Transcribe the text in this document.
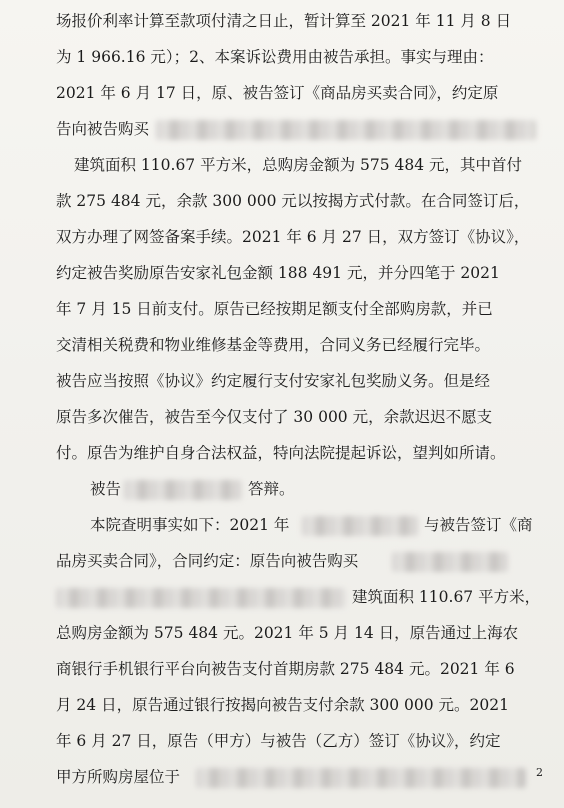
场报价利率计算至款项付清之日止，暂计算至 2021 年 11 月 8 日
为 1 966.16 元）；2、本案诉讼费用由被告承担。事实与理由：
2021 年 6 月 17 日，原、被告签订《商品房买卖合同》，约定原
告向被告购买
建筑面积 110.67 平方米，总购房金额为 575 484 元，其中首付
款 275 484 元，余款 300 000 元以按揭方式付款。在合同签订后，
双方办理了网签备案手续。2021 年 6 月 27 日，双方签订《协议》，
约定被告奖励原告安家礼包金额 188 491 元，并分四笔于 2021
年 7 月 15 日前支付。原告已经按期足额支付全部购房款，并已
交清相关税费和物业维修基金等费用，合同义务已经履行完毕。
被告应当按照《协议》约定履行支付安家礼包奖励义务。但是经
原告多次催告，被告至今仅支付了 30 000 元，余款迟迟不愿支
付。原告为维护自身合法权益，特向法院提起诉讼，望判如所请。
被告	答辩。
本院查明事实如下：2021 年	与被告签订《商
品房买卖合同》，合同约定：原告向被告购买
建筑面积 110.67 平方米，
总购房金额为 575 484 元。2021 年 5 月 14 日，原告通过上海农
商银行手机银行平台向被告支付首期房款 275 484 元。2021 年 6
月 24 日，原告通过银行按揭向被告支付余款 300 000 元。2021
年 6 月 27 日，原告（甲方）与被告（乙方）签订《协议》，约定
甲方所购房屋位于	2
